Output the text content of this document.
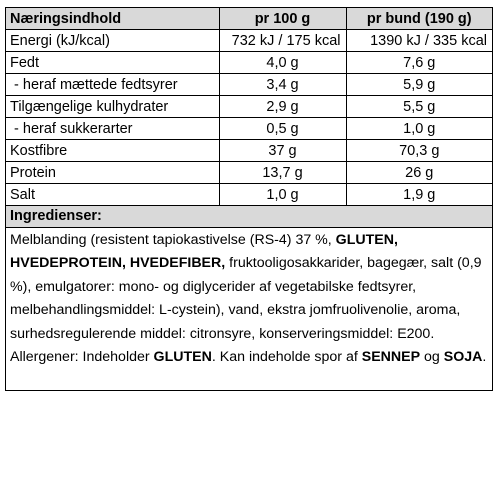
Næringsindhold	pr 100 g	pr bund (190 g)
Energi (kJ/kcal)	732 kJ / 175 kcal	1390 kJ / 335 kcal
Fedt	4,0 g	7,6 g
- heraf mættede fedtsyrer	3,4 g	5,9 g
Tilgængelige kulhydrater	2,9 g	5,5 g
- heraf sukkerarter	0,5 g	1,0 g
Kostfibre	37 g	70,3 g
Protein	13,7 g	26 g
Salt	1,0 g	1,9 g
Ingredienser:
Melblanding (resistent tapiokastivelse (RS-4) 37 %, GLUTEN, HVEDEPROTEIN, HVEDEFIBER, fruktooligosakkarider, bagegær, salt (0,9 %), emulgatorer: mono- og diglycerider af vegetabilske fedtsyrer, melbehandlingsmiddel: L-cystein), vand, ekstra jomfruolivenolie, aroma, surhedsregulerende middel: citronsyre, konserveringsmiddel: E200. Allergener: Indeholder GLUTEN. Kan indeholde spor af SENNEP og SOJA.
